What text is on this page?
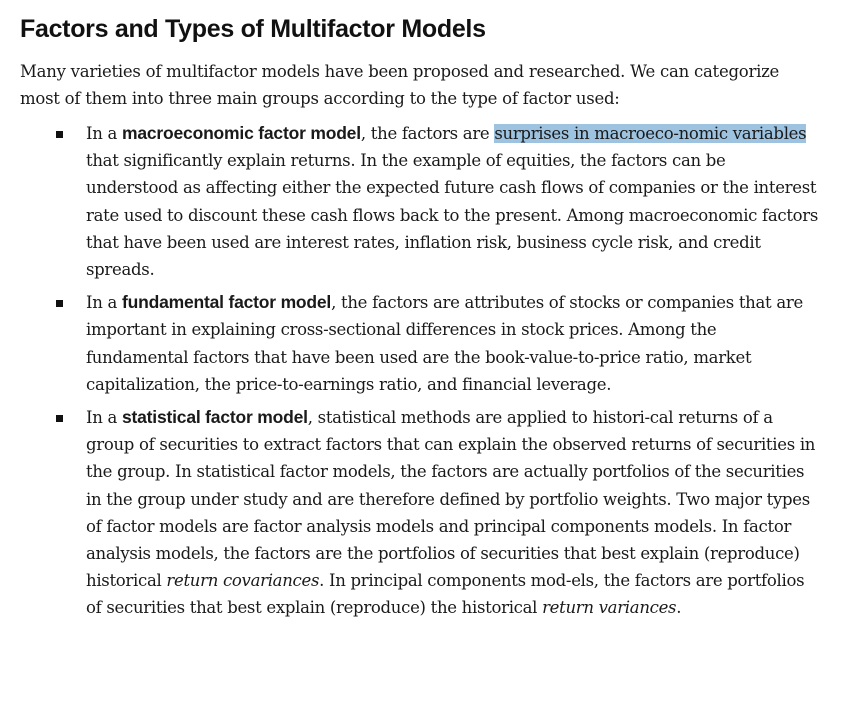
Factors and Types of Multifactor Models

Many varieties of multifactor models have been proposed and researched. We can categorize most of them into three main groups according to the type of factor used:

In a macroeconomic factor model, the factors are surprises in macroeco-nomic variables that significantly explain returns. In the example of equities, the factors can be understood as affecting either the expected future cash flows of companies or the interest rate used to discount these cash flows back to the present. Among macroeconomic factors that have been used are interest rates, inflation risk, business cycle risk, and credit spreads.
In a fundamental factor model, the factors are attributes of stocks or companies that are important in explaining cross-sectional differences in stock prices. Among the fundamental factors that have been used are the book-value-to-price ratio, market capitalization, the price-to-earnings ratio, and financial leverage.
In a statistical factor model, statistical methods are applied to histori-cal returns of a group of securities to extract factors that can explain the observed returns of securities in the group. In statistical factor models, the factors are actually portfolios of the securities in the group under study and are therefore defined by portfolio weights. Two major types of factor models are factor analysis models and principal components models. In factor analysis models, the factors are the portfolios of securities that best explain (reproduce) historical return covariances. In principal components mod-els, the factors are portfolios of securities that best explain (reproduce) the historical return variances.
